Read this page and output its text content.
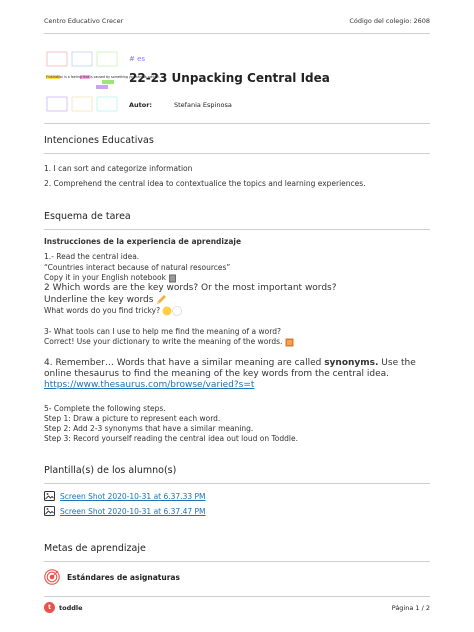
Centro Educativo Crecer	Código del colegio: 2608
Frustration is a feeling that is caused by something you cannot control
# es
22-23 Unpacking Central Idea
Autor:	Stefania Espinosa
Intenciones Educativas
1. I can sort and categorize information
2. Comprehend the central idea to contextualice the topics and learning experiences.
Esquema de tarea
Instrucciones de la experiencia de aprendizaje
1.- Read the central idea.
“Countries interact because of natural resources”
Copy it in your English notebook
2 Which words are the key words? Or the most important words?
Underline the key words
What words do you find tricky?
3- What tools can I use to help me find the meaning of a word?
Correct! Use your dictionary to write the meaning of the words.
4. Remember… Words that have a similar meaning are called synonyms. Use the
online thesaurus to find the meaning of the key words from the central idea.
https://www.thesaurus.com/browse/varied?s=t
5- Complete the following steps.
Step 1: Draw a picture to represent each word.
Step 2: Add 2-3 synonyms that have a similar meaning.
Step 3: Record yourself reading the central idea out loud on Toddle.
Plantilla(s) de los alumno(s)
Screen Shot 2020-10-31 at 6.37.33 PM
Screen Shot 2020-10-31 at 6.37.47 PM
Metas de aprendizaje
Estándares de asignaturas
t	toddle	Página 1 / 2
